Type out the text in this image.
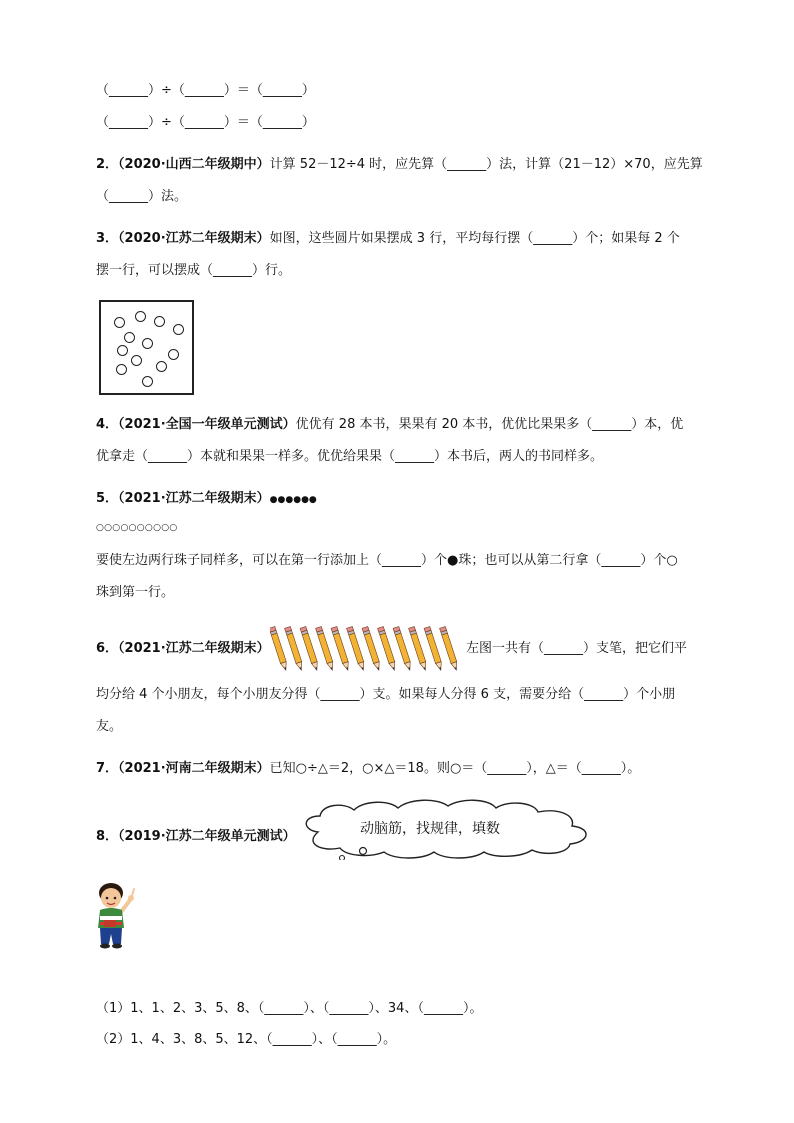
（______）÷（______）＝（______）
（______）÷（______）＝（______）
2．（2020·山西二年级期中）计算 52－12÷4 时，应先算（______）法，计算（21－12）×70，应先算
（______）法。
3．（2020·江苏二年级期末）如图，这些圆片如果摆成 3 行，平均每行摆（______）个；如果每 2 个
摆一行，可以摆成（______）行。
4．（2021·全国一年级单元测试）优优有 28 本书，果果有 20 本书，优优比果果多（______）本，优
优拿走（______）本就和果果一样多。优优给果果（______）本书后，两人的书同样多。
5．（2021·江苏二年级期末）●●●●●●
○○○○○○○○○○
要使左边两行珠子同样多，可以在第一行添加上（______）个●珠；也可以从第二行拿（______）个○
珠到第一行。
6．（2021·江苏二年级期末）	左图一共有（______）支笔，把它们平
均分给 4 个小朋友，每个小朋友分得（______）支。如果每人分得 6 支，需要分给（______）个小朋
友。
7．（2021·河南二年级期末）已知○÷△＝2，○×△＝18。则○＝（______），△＝（______）。
8．（2019·江苏二年级单元测试）	动脑筋，找规律，填数
（1）1、1、2、3、5、8、（______）、（______）、34、（______）。
（2）1、4、3、8、5、12、（______）、（______）。
